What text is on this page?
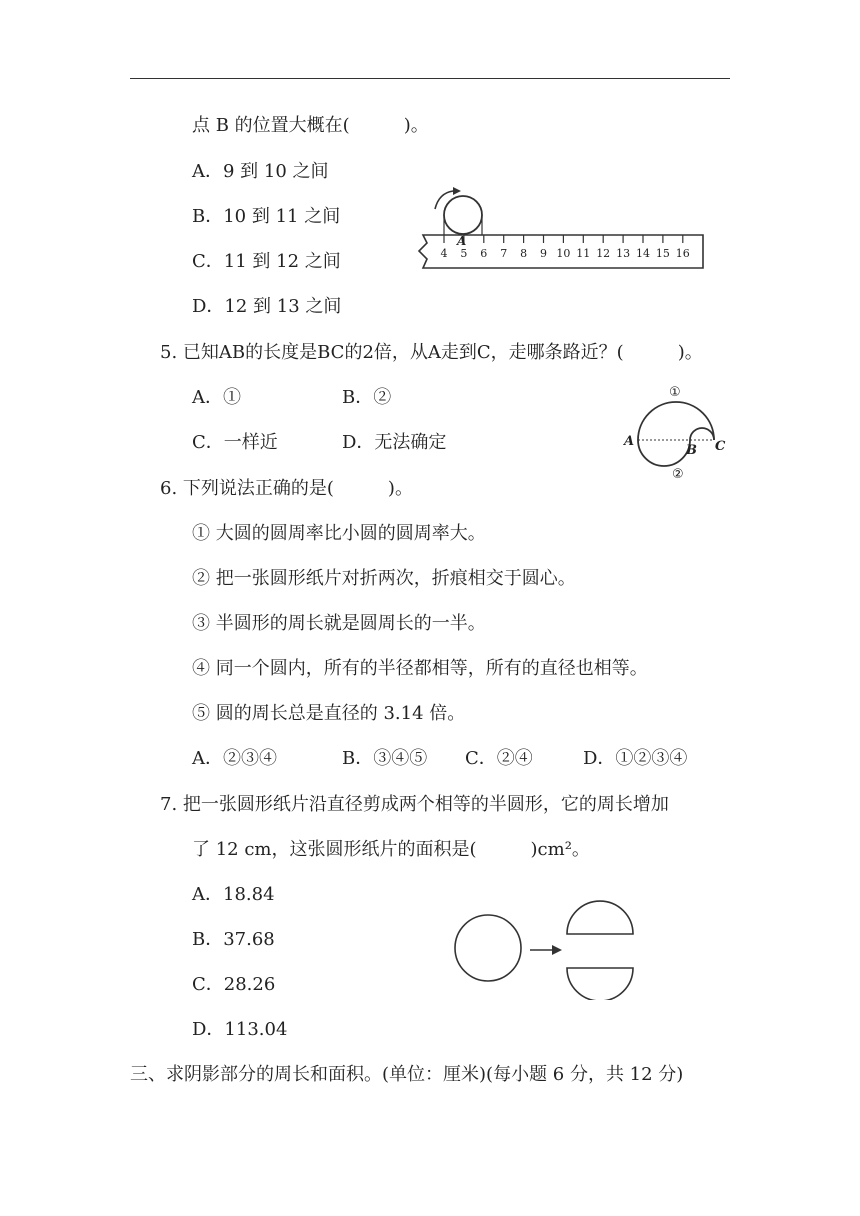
点 B 的位置大概在(　　　)。
A．9 到 10 之间
B．10 到 11 之间
C．11 到 12 之间
D．12 到 13 之间
A
4 5 6 7 8 9 10 11 12 13 14 15 16
5. 已知AB的长度是BC的2倍，从A走到C，走哪条路近？(　　　)。
A．①	B．②
C．一样近	D．无法确定
①
②
A
B C
6. 下列说法正确的是(　　　)。
① 大圆的圆周率比小圆的圆周率大。
② 把一张圆形纸片对折两次，折痕相交于圆心。
③ 半圆形的周长就是圆周长的一半。
④ 同一个圆内，所有的半径都相等，所有的直径也相等。
⑤ 圆的周长总是直径的 3.14 倍。
A．②③④	B．③④⑤ C．②④	D．①②③④
7. 把一张圆形纸片沿直径剪成两个相等的半圆形，它的周长增加
了 12 cm，这张圆形纸片的面积是(　　　)cm²。
A．18.84
B．37.68
C．28.26
D．113.04
三、求阴影部分的周长和面积。(单位：厘米)(每小题 6 分，共 12 分)
